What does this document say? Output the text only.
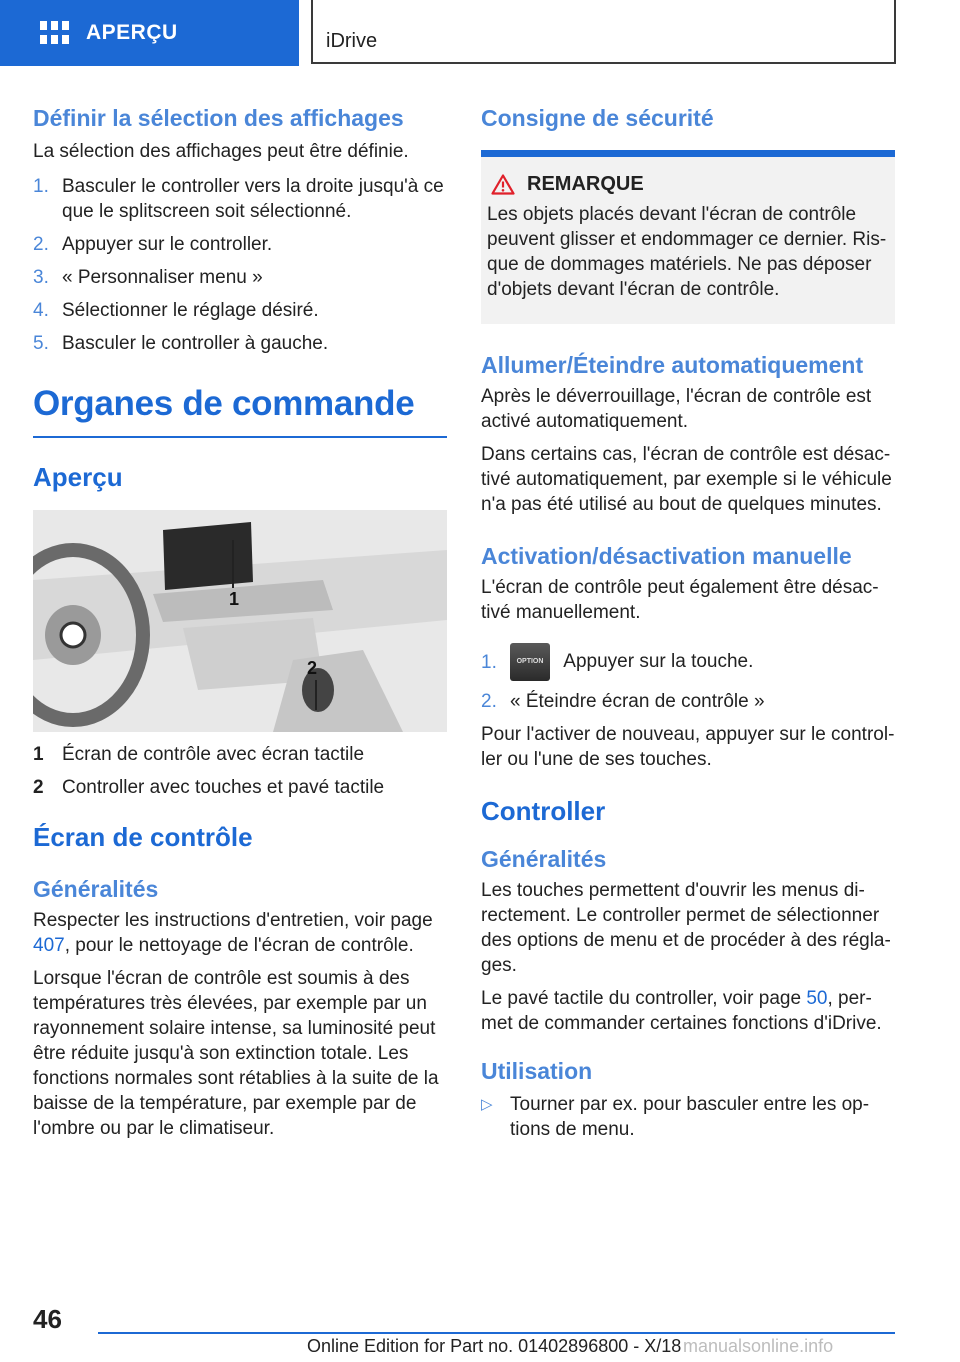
APERÇU	iDrive
Définir la sélection des affichages
La sélection des affichages peut être définie.
1. Basculer le controller vers la droite jusqu'à ce que le splitscreen soit sélectionné.
2. Appuyer sur le controller.
3. « Personnaliser menu »
4. Sélectionner le réglage désiré.
5. Basculer le controller à gauche.
Organes de commande
Aperçu
1
2
1 Écran de contrôle avec écran tactile
2 Controller avec touches et pavé tactile
Écran de contrôle
Généralités
Respecter les instructions d'entretien, voir page 407, pour le nettoyage de l'écran de contrôle.
Lorsque l'écran de contrôle est soumis à des températures très élevées, par exemple par un rayonnement solaire intense, sa luminosité peut être réduite jusqu'à son extinction totale. Les fonctions normales sont rétablies à la suite de la baisse de la température, par exemple par de l'ombre ou par le climatiseur.
Consigne de sécurité
REMARQUE
Les objets placés devant l'écran de contrôle peuvent glisser et endommager ce dernier. Risque de dommages matériels. Ne pas déposer d'objets devant l'écran de contrôle.
Allumer/Éteindre automatiquement
Après le déverrouillage, l'écran de contrôle est activé automatiquement.
Dans certains cas, l'écran de contrôle est désactivé automatiquement, par exemple si le véhicule n'a pas été utilisé au bout de quelques minutes.
Activation/désactivation manuelle
L'écran de contrôle peut également être désactivé manuellement.
1.	OPTION Appuyer sur la touche.
2. « Éteindre écran de contrôle »
Pour l'activer de nouveau, appuyer sur le controller ou l'une de ses touches.
Controller
Généralités
Les touches permettent d'ouvrir les menus directement. Le controller permet de sélectionner des options de menu et de procéder à des réglages.
Le pavé tactile du controller, voir page 50, permet de commander certaines fonctions d'iDrive.
Utilisation
▷ Tourner par ex. pour basculer entre les options de menu.
46
Online Edition for Part no. 01402896800 - X/18 manualsonline.info
